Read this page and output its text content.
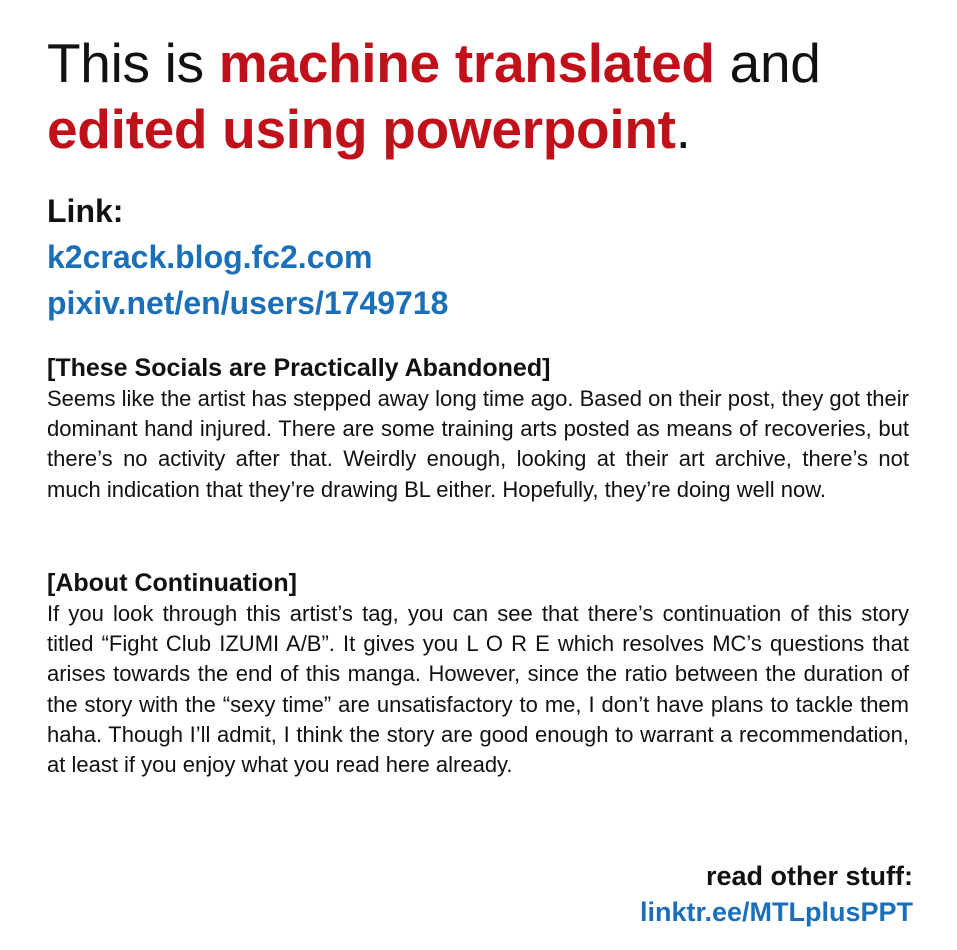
This is machine translated and edited using powerpoint.
Link:
k2crack.blog.fc2.com
pixiv.net/en/users/1749718
[These Socials are Practically Abandoned]

Seems like the artist has stepped away long time ago. Based on their post, they got their dominant hand injured. There are some training arts posted as means of recoveries, but there’s no activity after that. Weirdly enough, looking at their art archive, there’s not much indication that they’re drawing BL either. Hopefully, they’re doing well now.

[About Continuation]

If you look through this artist’s tag, you can see that there’s continuation of this story titled “Fight Club IZUMI A/B”. It gives you L O R E which resolves MC’s questions that arises towards the end of this manga. However, since the ratio between the duration of the story with the “sexy time” are unsatisfactory to me, I don’t have plans to tackle them haha. Though I’ll admit, I think the story are good enough to warrant a recommendation, at least if you enjoy what you read here already.

read other stuff:
linktr.ee/MTLplusPPT
